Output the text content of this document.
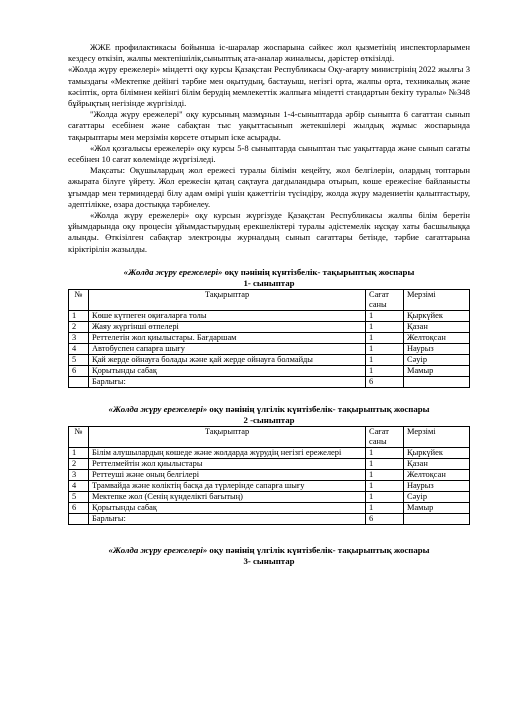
ЖЖЕ профилактикасы бойынша іс-шаралар жоспарына сәйкес жол қызметінің инспекторларымен кездесу өткізіп, жалпы мектепішілік,сыныптық ата-аналар жиналысы, дәрістер өткізілді.

«Жолда жүру ережелері» міндетті оқу курсы Қазақстан Республикасы Оқу-ағарту министрінің 2022 жылғы 3 тамыздағы «Мектепке дейінгі тәрбие мен оқытудың, бастауыш, негізгі орта, жалпы орта, техникалық және кәсіптік, орта білімнен кейінгі білім берудің мемлекеттік жалпыға міндетті стандартын бекіту туралы» №348 бұйрықтың негізінде жүргізілді.

"Жолда жүру ережелері" оқу курсының мазмұнын 1-4-сыныптарда әрбір сыныпта 6 сағаттан сынып сағаттары есебінен және сабақтан тыс уақыттасынып жетекшілері жылдық жұмыс жоспарында тақырыптары мен мерзімін көрсете отырып іске асырады.

«Жол қозғалысы ережелері» оқу курсы 5-8 сыныптарда сыныптан тыс уақыттарда және сынып сағаты есебінен 10 сағат көлемінде жүргізіледі.

Мақсаты: Оқушылардың жол ережесі туралы білімін кеңейту, жол белгілерін, олардың топтарын ажырата білуге үйрету. Жол ережесін қатаң сақтауға дағдыландыра отырып, көше ережесіне байланысты ұғымдар мен терминдерді білу адам өмірі үшін қажеттігін түсіндіру, жолда жүру мәдениетін қалыптастыру, әдептілікке, өзара достыққа тәрбиелеу.

«Жолда жүру ережелері» оқу курсын жүргізуде Қазақстан Республикасы жалпы білім беретін ұйымдарында оқу процесін ұйымдастырудың ерекшеліктері туралы әдістемелік нұсқау хаты басшылыққа алынды. Өткізілген сабақтар электронды журналдың сынып сағаттары бетінде, тәрбие сағаттарына кіріктірілін жазылды.

«Жолда жүру ережелері» оқу пәнінің күнтізбелік- тақырыптық жоспары

1- сыныптар

№	Тақырыптар	Сағат саны	Мерзімі
1	Көше күтпеген оқиғаларға толы	1	Қыркүйек
2	Жаяу жүргінші өтпелері	1	Қазан
3	Реттелетін жол қиылыстары. Бағдаршам	1	Желтоқсан
4	Автобуспен сапарға шығу	1	Наурыз
5	Қай жерде ойнауға болады және қай жерде ойнауға болмайды	1	Сәуір
6	Қорытынды сабақ	1	Мамыр
	Барлығы:	6	

«Жолда жүру ережелері» оқу пәнінің үлгілік күнтізбелік- тақырыптық жоспары

2 -сыныптар

№	Тақырыптар	Сағат саны	Мерзімі
1	Білім алушылардың көшеде және жолдарда жүрудің негізгі ережелері	1	Қыркүйек
2	Реттелмейтін жол қиылыстары	1	Қазан
3	Реттеуші және оның белгілері	1	Желтоқсан
4	Трамвайда және көліктің басқа да түрлерінде сапарға шығу	1	Наурыз
5	Мектепке жол (Сенің күнделікті бағытың)	1	Сәуір
6	Қорытынды сабақ	1	Мамыр
	Барлығы:	6	

«Жолда жүру ережелері» оқу пәнінің үлгілік күнтізбелік- тақырыптық жоспары

3- сыныптар
